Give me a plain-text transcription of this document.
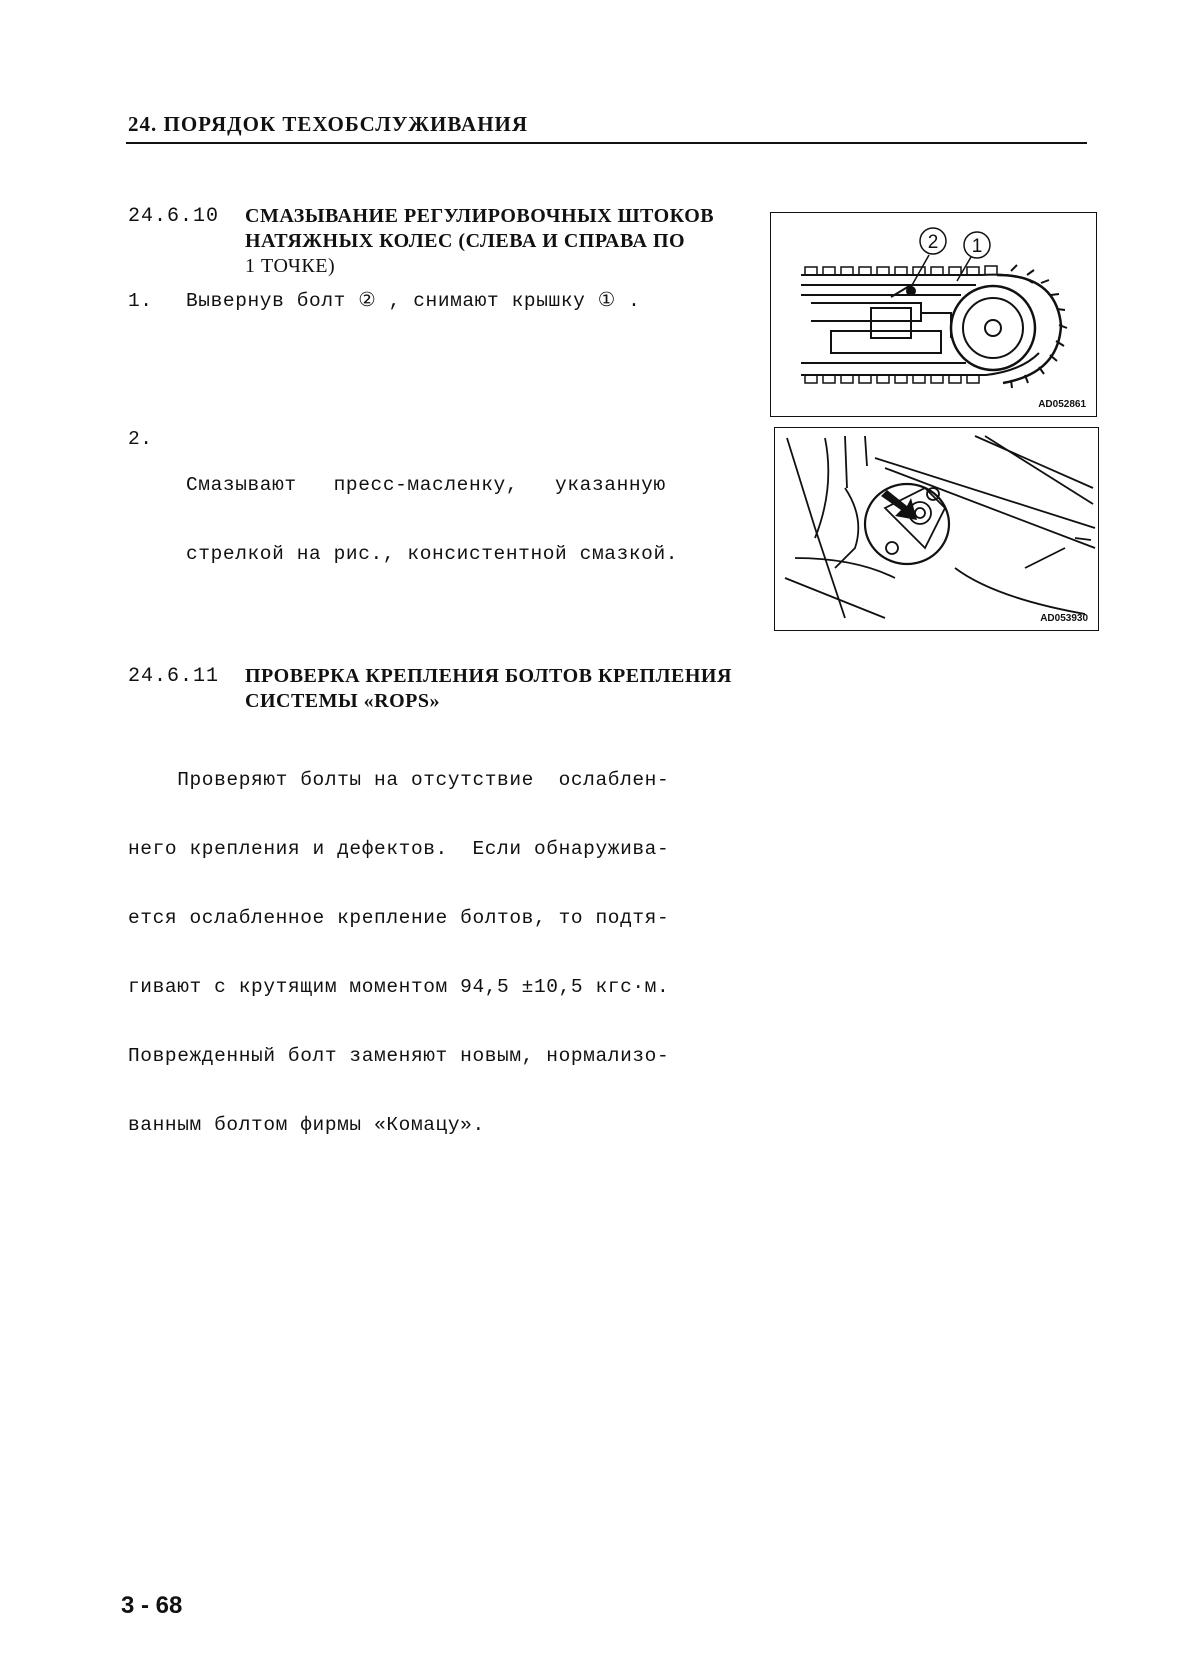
24. ПОРЯДОК ТЕХОБСЛУЖИВАНИЯ
24.6.10 СМАЗЫВАНИЕ РЕГУЛИРОВОЧНЫХ ШТОКОВ
НАТЯЖНЫХ КОЛЕС (СЛЕВА И СПРАВА ПО
1 ТОЧКЕ)
1. Вывернув болт ② , снимают крышку ① .
2.

Смазывают   пресс-масленку,   указанную

стрелкой на рис., консистентной смазкой.

2 1
AD052861
AD053930
24.6.11 ПРОВЕРКА КРЕПЛЕНИЯ БОЛТОВ КРЕПЛЕНИЯ
СИСТЕМЫ «ROPS»

Проверяют болты на отсутствие  ослаблен-

него крепления и дефектов.  Если обнаружива-

ется ослабленное крепление болтов, то подтя-

гивают с крутящим моментом 94,5 ±10,5 кгс·м.

Поврежденный болт заменяют новым, нормализо-

ванным болтом фирмы «Комацу».

3 - 68
